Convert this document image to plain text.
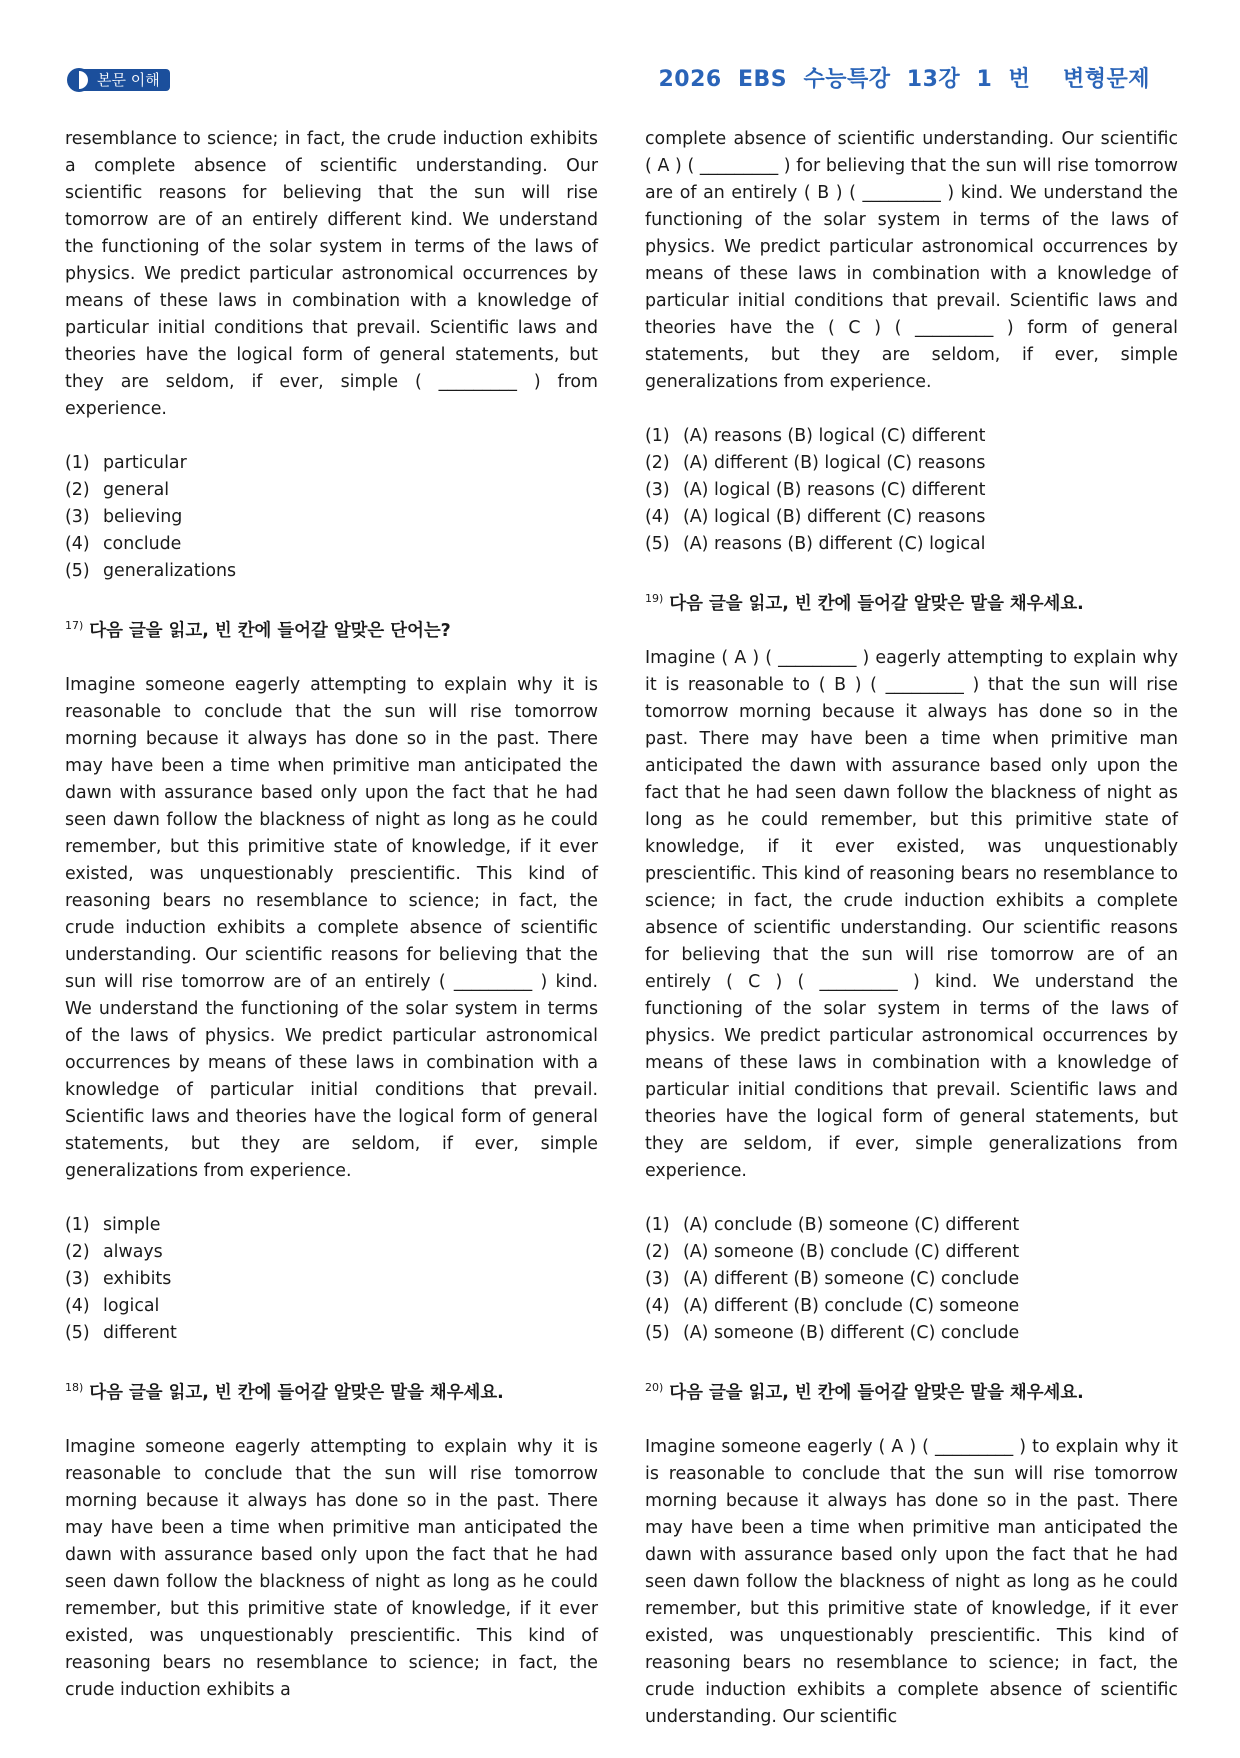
본문 이해	2026  EBS  수능특강  13강  1  번    변형문제

resemblance to science; in fact, the crude induction exhibits a complete absence of scientific understanding. Our scientific reasons for believing that the sun will rise tomorrow are of an entirely different kind. We understand the functioning of the solar system in terms of the laws of physics. We predict particular astronomical occurrences by means of these laws in combination with a knowledge of particular initial conditions that prevail. Scientific laws and theories have the logical form of general statements, but they are seldom, if ever, simple ( _________ ) from experience.

(1) particular
(2) general
(3) believing
(4) conclude
(5) generalizations
$^{17)}$ 다음 글을 읽고, 빈 칸에 들어갈 알맞은 단어는?

Imagine someone eagerly attempting to explain why it is reasonable to conclude that the sun will rise tomorrow morning because it always has done so in the past. There may have been a time when primitive man anticipated the dawn with assurance based only upon the fact that he had seen dawn follow the blackness of night as long as he could remember, but this primitive state of knowledge, if it ever existed, was unquestionably prescientific. This kind of reasoning bears no resemblance to science; in fact, the crude induction exhibits a complete absence of scientific understanding. Our scientific reasons for believing that the sun will rise tomorrow are of an entirely ( _________ ) kind. We understand the functioning of the solar system in terms of the laws of physics. We predict particular astronomical occurrences by means of these laws in combination with a knowledge of particular initial conditions that prevail. Scientific laws and theories have the logical form of general statements, but they are seldom, if ever, simple generalizations from experience.

(1) simple
(2) always
(3) exhibits
(4) logical
(5) different
$^{18)}$ 다음 글을 읽고, 빈 칸에 들어갈 알맞은 말을 채우세요.

Imagine someone eagerly attempting to explain why it is reasonable to conclude that the sun will rise tomorrow morning because it always has done so in the past. There may have been a time when primitive man anticipated the dawn with assurance based only upon the fact that he had seen dawn follow the blackness of night as long as he could remember, but this primitive state of knowledge, if it ever existed, was unquestionably prescientific. This kind of reasoning bears no resemblance to science; in fact, the crude induction exhibits a

complete absence of scientific understanding. Our scientific ( A ) ( _________ ) for believing that the sun will rise tomorrow are of an entirely ( B ) ( _________ ) kind. We understand the functioning of the solar system in terms of the laws of physics. We predict particular astronomical occurrences by means of these laws in combination with a knowledge of particular initial conditions that prevail. Scientific laws and theories have the ( C ) ( _________ ) form of general statements, but they are seldom, if ever, simple generalizations from experience.

(1) (A) reasons (B) logical (C) different
(2) (A) different (B) logical (C) reasons
(3) (A) logical (B) reasons (C) different
(4) (A) logical (B) different (C) reasons
(5) (A) reasons (B) different (C) logical
$^{19)}$ 다음 글을 읽고, 빈 칸에 들어갈 알맞은 말을 채우세요.

Imagine ( A ) ( _________ ) eagerly attempting to explain why it is reasonable to ( B ) ( _________ ) that the sun will rise tomorrow morning because it always has done so in the past. There may have been a time when primitive man anticipated the dawn with assurance based only upon the fact that he had seen dawn follow the blackness of night as long as he could remember, but this primitive state of knowledge, if it ever existed, was unquestionably prescientific. This kind of reasoning bears no resemblance to science; in fact, the crude induction exhibits a complete absence of scientific understanding. Our scientific reasons for believing that the sun will rise tomorrow are of an entirely ( C ) ( _________ ) kind. We understand the functioning of the solar system in terms of the laws of physics. We predict particular astronomical occurrences by means of these laws in combination with a knowledge of particular initial conditions that prevail. Scientific laws and theories have the logical form of general statements, but they are seldom, if ever, simple generalizations from experience.

(1) (A) conclude (B) someone (C) different
(2) (A) someone (B) conclude (C) different
(3) (A) different (B) someone (C) conclude
(4) (A) different (B) conclude (C) someone
(5) (A) someone (B) different (C) conclude
$^{20)}$ 다음 글을 읽고, 빈 칸에 들어갈 알맞은 말을 채우세요.

Imagine someone eagerly ( A ) ( _________ ) to explain why it is reasonable to conclude that the sun will rise tomorrow morning because it always has done so in the past. There may have been a time when primitive man anticipated the dawn with assurance based only upon the fact that he had seen dawn follow the blackness of night as long as he could remember, but this primitive state of knowledge, if it ever existed, was unquestionably prescientific. This kind of reasoning bears no resemblance to science; in fact, the crude induction exhibits a complete absence of scientific understanding. Our scientific
